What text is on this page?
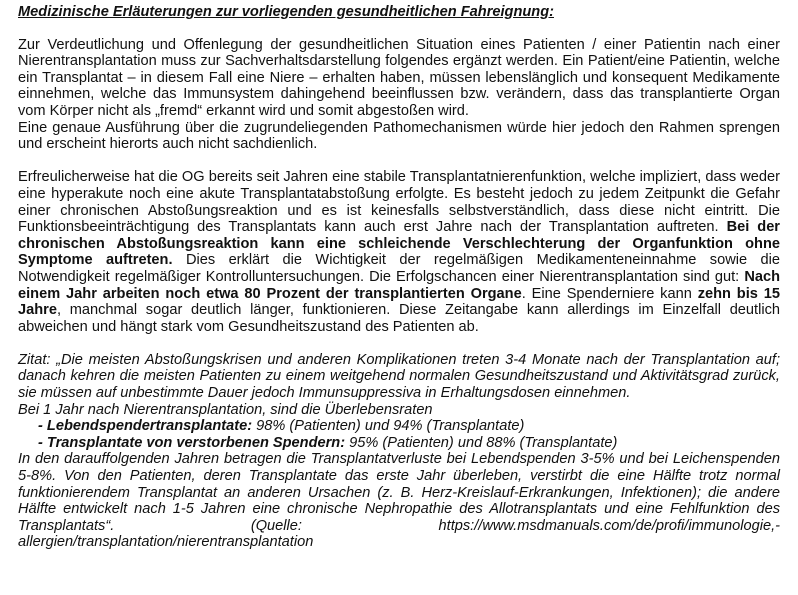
Medizinische Erläuterungen zur vorliegenden gesundheitlichen Fahreignung:

Zur Verdeutlichung und Offenlegung der gesundheitlichen Situation eines Patienten / einer Patientin nach einer Nierentransplantation muss zur Sachverhaltsdarstellung folgendes ergänzt werden. Ein Patient/eine Patientin, welche ein Transplantat – in diesem Fall eine Niere – erhalten haben, müssen lebenslänglich und konsequent Medikamente einnehmen, welche das Immunsystem dahingehend beeinflussen bzw. verändern, dass das transplantierte Organ vom Körper nicht als „fremd“ erkannt wird und somit abgestoßen wird.

Eine genaue Ausführung über die zugrundeliegenden Pathomechanismen würde hier jedoch den Rahmen sprengen und erscheint hierorts auch nicht sachdienlich.

Erfreulicherweise hat die OG bereits seit Jahren eine stabile Transplantatnierenfunktion, welche impliziert, dass weder eine hyperakute noch eine akute Transplantatabstoßung erfolgte. Es besteht jedoch zu jedem Zeitpunkt die Gefahr einer chronischen Abstoßungsreaktion und es ist keinesfalls selbstverständlich, dass diese nicht eintritt. Die Funktionsbeeinträchtigung des Transplantats kann auch erst Jahre nach der Transplantation auftreten. Bei der chronischen Abstoßungsreaktion kann eine schleichende Verschlechterung der Organfunktion ohne Symptome auftreten. Dies erklärt die Wichtigkeit der regelmäßigen Medikamenteneinnahme sowie die Notwendigkeit regelmäßiger Kontrolluntersuchungen. Die Erfolgschancen einer Nierentransplantation sind gut: Nach einem Jahr arbeiten noch etwa 80 Prozent der transplantierten Organe. Eine Spenderniere kann zehn bis 15 Jahre, manchmal sogar deutlich länger, funktionieren. Diese Zeitangabe kann allerdings im Einzelfall deutlich abweichen und hängt stark vom Gesundheitszustand des Patienten ab.

Zitat: „Die meisten Abstoßungskrisen und anderen Komplikationen treten 3-4 Monate nach der Transplantation auf; danach kehren die meisten Patienten zu einem weitgehend normalen Gesundheitszustand und Aktivitätsgrad zurück, sie müssen auf unbestimmte Dauer jedoch Immunsuppressiva in Erhaltungsdosen einnehmen.

Bei 1 Jahr nach Nierentransplantation, sind die Überlebensraten

- Lebendspendertransplantate: 98% (Patienten) und 94% (Transplantate)
- Transplantate von verstorbenen Spendern: 95% (Patienten) und 88% (Transplantate)

In den darauffolgenden Jahren betragen die Transplantatverluste bei Lebendspenden 3-5% und bei Leichenspenden 5-8%. Von den Patienten, deren Transplantate das erste Jahr überleben, verstirbt die eine Hälfte trotz normal funktionierendem Transplantat an anderen Ursachen (z. B. Herz-Kreislauf-Erkrankungen, Infektionen); die andere Hälfte entwickelt nach 1-5 Jahren eine chronische Nephropathie des Allotransplantats und eine Fehlfunktion des Transplantats“. (Quelle: https://www.msdmanuals.com/de/profi/immunologie,-allergien/transplantation/nierentransplantation
